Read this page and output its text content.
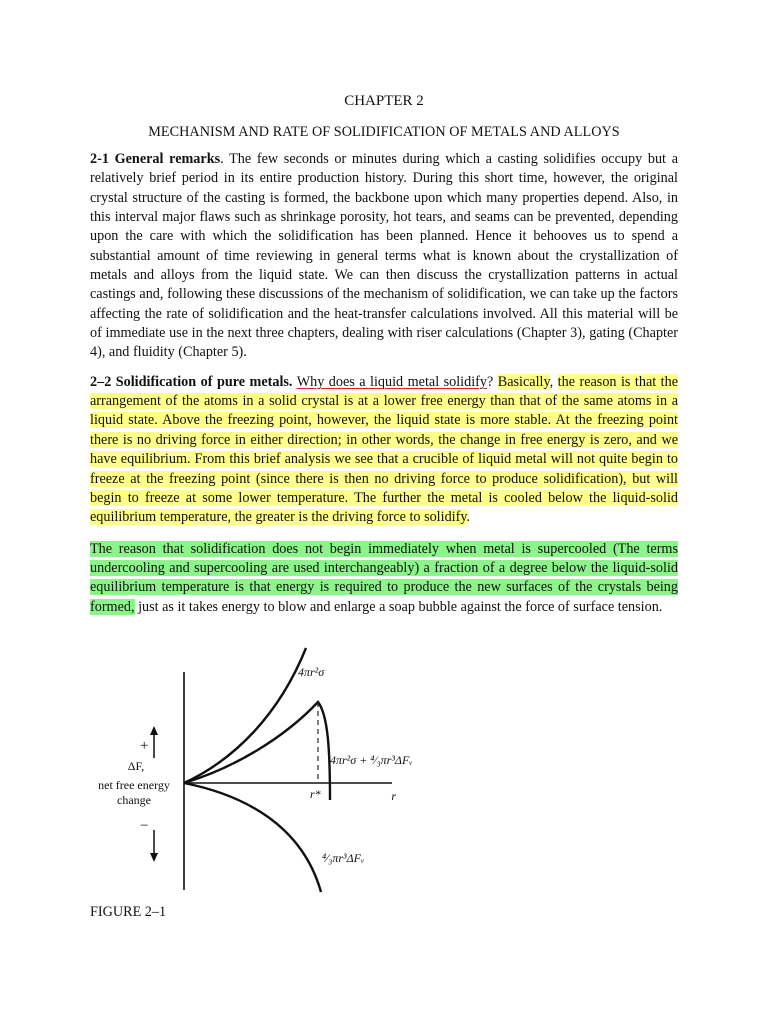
CHAPTER 2
MECHANISM AND RATE OF SOLIDIFICATION OF METALS AND ALLOYS

2-1 General remarks. The few seconds or minutes during which a casting solidifies occupy but a relatively brief period in its entire production history. During this short time, however, the original crystal structure of the casting is formed, the backbone upon which many properties depend. Also, in this interval major flaws such as shrinkage porosity, hot tears, and seams can be prevented, depending upon the care with which the solidification has been planned. Hence it behooves us to spend a substantial amount of time reviewing in general terms what is known about the crystallization of metals and alloys from the liquid state. We can then discuss the crystallization patterns in actual castings and, following these discussions of the mechanism of solidification, we can take up the factors affecting the rate of solidification and the heat-transfer calculations involved. All this material will be of immediate use in the next three chapters, dealing with riser calculations (Chapter 3), gating (Chapter 4), and fluidity (Chapter 5).

2–2 Solidification of pure metals. Why does a liquid metal solidify? Basically, the reason is that the arrangement of the atoms in a solid crystal is at a lower free energy than that of the same atoms in a liquid state. Above the freezing point, however, the liquid state is more stable. At the freezing point there is no driving force in either direction; in other words, the change in free energy is zero, and we have equilibrium. From this brief analysis we see that a crucible of liquid metal will not quite begin to freeze at the freezing point (since there is then no driving force to produce solidification), but will begin to freeze at some lower temperature. The further the metal is cooled below the liquid-solid equilibrium temperature, the greater is the driving force to solidify.

The reason that solidification does not begin immediately when metal is supercooled (The terms undercooling and supercooling are used interchangeably) a fraction of a degree below the liquid-solid equilibrium temperature is that energy is required to produce the new surfaces of the crystals being formed, just as it takes energy to blow and enlarge a soap bubble against the force of surface tension.

4πr²σ
4πr²σ + ⁴⁄₃πr³ΔFᵥ
⁴⁄₃πr³ΔFᵥ
r*	r
+
−
ΔF,
net free energy
change
FIGURE 2–1
